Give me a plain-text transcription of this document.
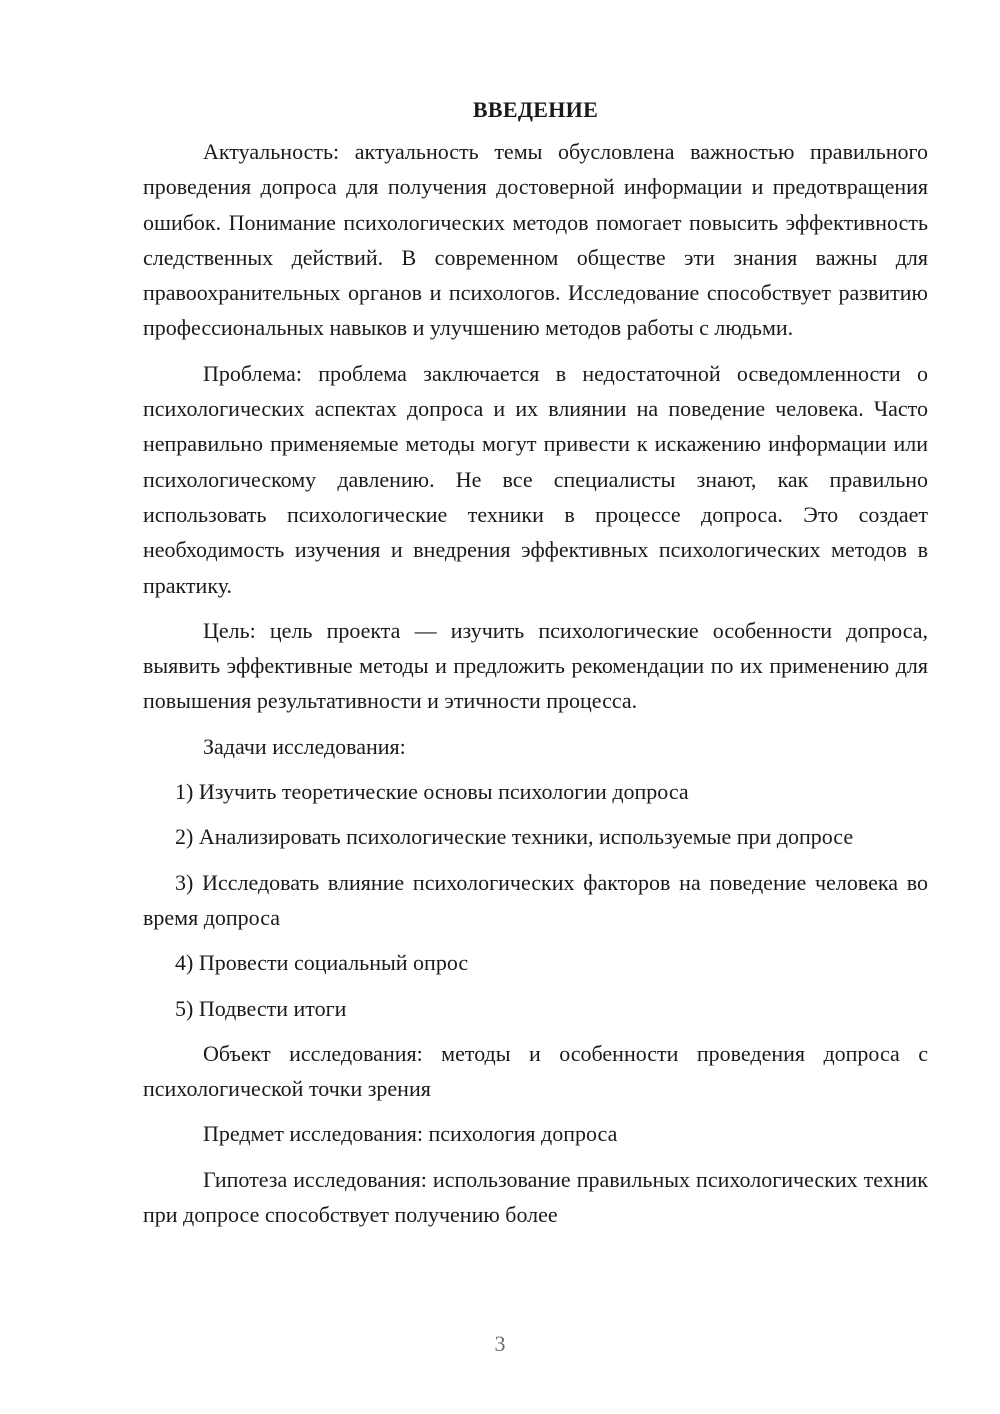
ВВЕДЕНИЕ

Актуальность: актуальность темы обусловлена важностью правильного проведения допроса для получения достоверной информации и предотвращения ошибок. Понимание психологических методов помогает повысить эффективность следственных действий. В современном обществе эти знания важны для правоохранительных органов и психологов. Исследование способствует развитию профессиональных навыков и улучшению методов работы с людьми.

Проблема: проблема заключается в недостаточной осведомленности о психологических аспектах допроса и их влиянии на поведение человека. Часто неправильно применяемые методы могут привести к искажению информации или психологическому давлению. Не все специалисты знают, как правильно использовать психологические техники в процессе допроса. Это создает необходимость изучения и внедрения эффективных психологических методов в практику.

Цель: цель проекта — изучить психологические особенности допроса, выявить эффективные методы и предложить рекомендации по их применению для повышения результативности и этичности процесса.

Задачи исследования:

1) Изучить теоретические основы психологии допроса

2) Анализировать психологические техники, используемые при допросе

3) Исследовать влияние психологических факторов на поведение человека во время допроса

4) Провести социальный опрос

5) Подвести итоги

Объект исследования: методы и особенности проведения допроса с психологической точки зрения

Предмет исследования: психология допроса

Гипотеза исследования: использование правильных психологических техник при допросе способствует получению более

3
